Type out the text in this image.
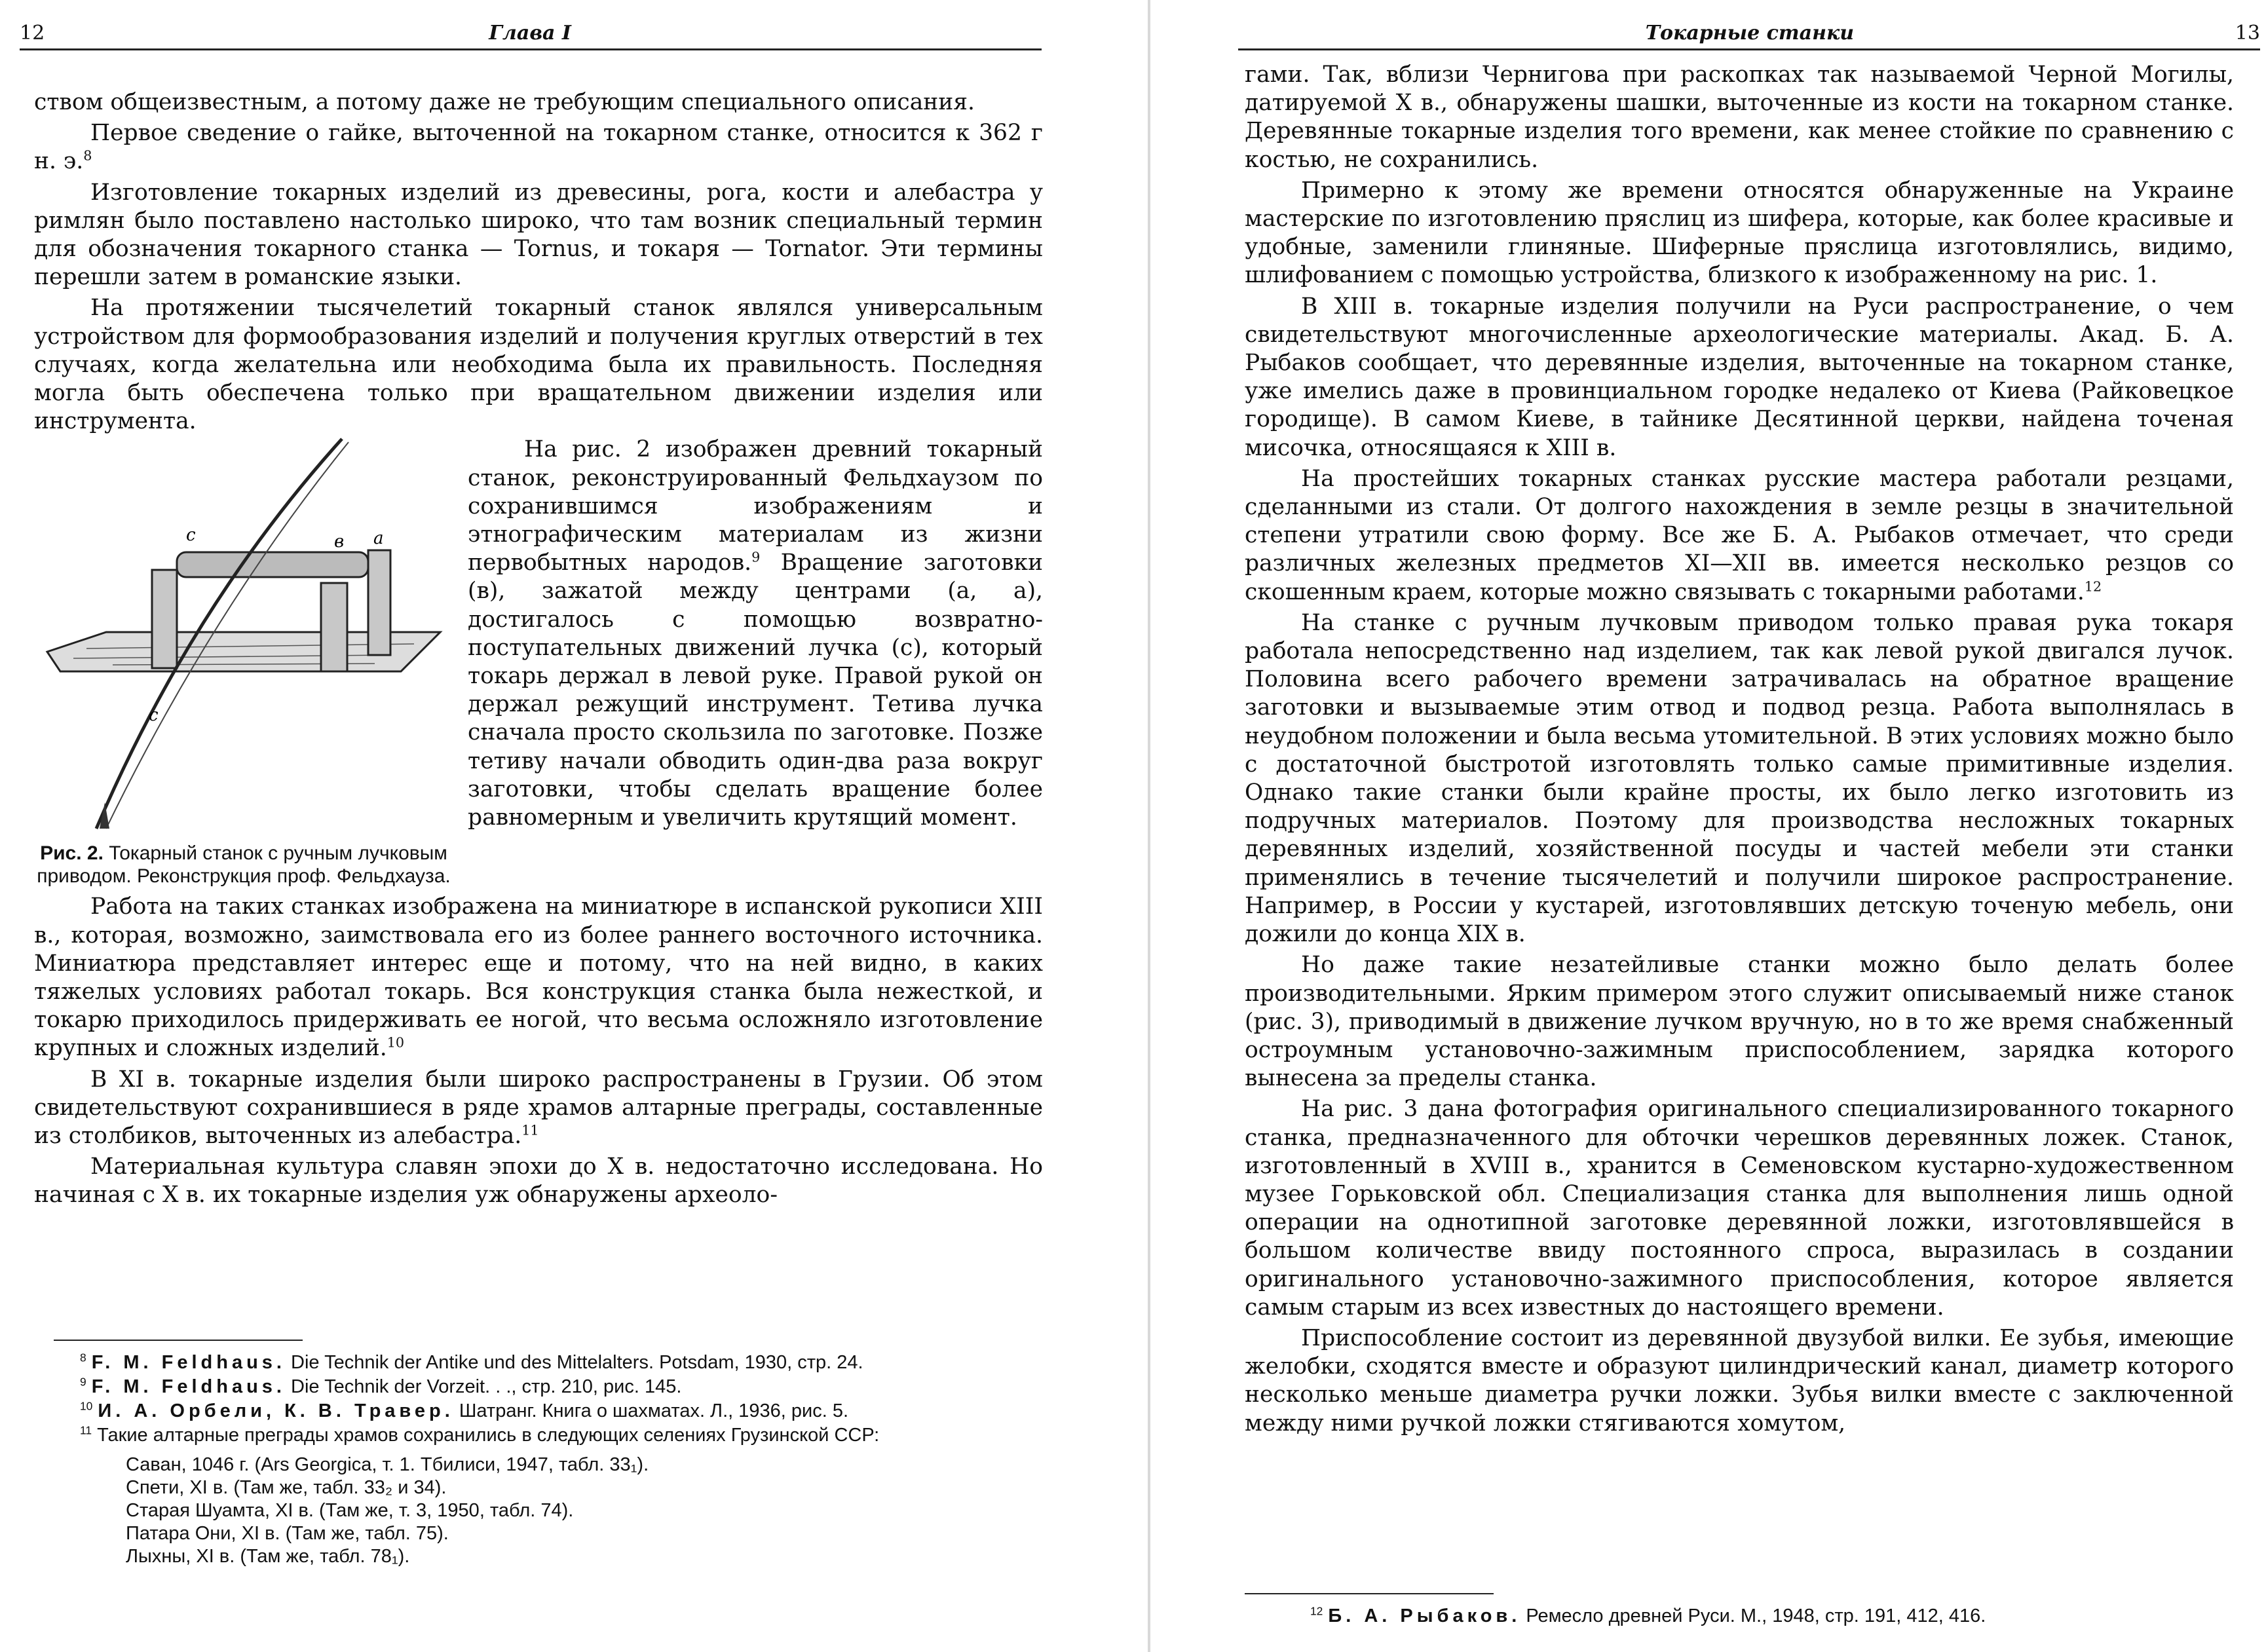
12	Глава I

ством общеизвестным, а потому даже не требующим специального описания.

Первое сведение о гайке, выточенной на токарном станке, относится к 362 г н. э.$^8$

Изготовление токарных изделий из древесины, рога, кости и алебастра у римлян было поставлено настолько широко, что там возник специальный термин для обозначения токарного станка — Tornus, и токаря — Tornator. Эти термины перешли затем в романские языки.

На протяжении тысячелетий токарный станок являлся универсальным устройством для формообразования изделий и получения круглых отверстий в тех случаях, когда желательна или необходима была их правильность. Последняя могла быть обеспечена только при вращательном движении изделия или инструмента.

с	в а
с
Рис. 2. Токарный станок с ручным лучковым приводом. Реконструкция проф. Фельдхауза.

На рис. 2 изображен древний токарный станок, реконструированный Фельдхаузом по сохранившимся изображениям и этнографическим материалам из жизни первобытных народов.$^9$ Вращение заготовки (в), зажатой между центрами (а, а), достигалось с помощью возвратно-поступательных движений лучка (с), который токарь держал в левой руке. Правой рукой он держал режущий инструмент. Тетива лучка сначала просто скользила по заготовке. Позже тетиву начали обводить один-два раза вокруг заготовки, чтобы сделать вращение более равномерным и увеличить крутящий момент.

Работа на таких станках изображена на миниатюре в испанской рукописи XIII в., которая, возможно, заимствовала его из более раннего восточного источника. Миниатюра представляет интерес еще и потому, что на ней видно, в каких тяжелых условиях работал токарь. Вся конструкция станка была нежесткой, и токарю приходилось придерживать ее ногой, что весьма осложняло изготовление крупных и сложных изделий.$^{10}$

В XI в. токарные изделия были широко распространены в Грузии. Об этом свидетельствуют сохранившиеся в ряде храмов алтарные преграды, составленные из столбиков, выточенных из алебастра.$^{11}$

Материальная культура славян эпохи до X в. недостаточно исследована. Но начиная с X в. их токарные изделия уж обнаружены археоло-

$^8$ F. M. Feldhaus. Die Technik der Antike und des Mittelalters. Potsdam, 1930, стр. 24.

$^9$ F. M. Feldhaus. Die Technik der Vorzeit. . ., стр. 210, рис. 145.

$^{10}$ И. А. Орбели, К. В. Травер. Шатранг. Книга о шахматах. Л., 1936, рис. 5.

$^{11}$ Такие алтарные преграды храмов сохранились в следующих селениях Грузинской ССР:

Саван, 1046 г. (Ars Georgica, т. 1. Тбилиси, 1947, табл. 33₁).
Спети, XI в. (Там же, табл. 33₂ и 34).
Старая Шуамта, XI в. (Там же, т. 3, 1950, табл. 74).
Патара Они, XI в. (Там же, табл. 75).
Лыхны, XI в. (Там же, табл. 78₁).
Токарные станки	13

гами. Так, вблизи Чернигова при раскопках так называемой Черной Могилы, датируемой X в., обнаружены шашки, выточенные из кости на токарном станке. Деревянные токарные изделия того времени, как менее стойкие по сравнению с костью, не сохранились.

Примерно к этому же времени относятся обнаруженные на Украине мастерские по изготовлению пряслиц из шифера, которые, как более красивые и удобные, заменили глиняные. Шиферные пряслица изготовлялись, видимо, шлифованием с помощью устройства, близкого к изображенному на рис. 1.

В XIII в. токарные изделия получили на Руси распространение, о чем свидетельствуют многочисленные археологические материалы. Акад. Б. А. Рыбаков сообщает, что деревянные изделия, выточенные на токарном станке, уже имелись даже в провинциальном городке недалеко от Киева (Райковецкое городище). В самом Киеве, в тайнике Десятинной церкви, найдена точеная мисочка, относящаяся к XIII в.

На простейших токарных станках русские мастера работали резцами, сделанными из стали. От долгого нахождения в земле резцы в значительной степени утратили свою форму. Все же Б. А. Рыбаков отмечает, что среди различных железных предметов XI—XII вв. имеется несколько резцов со скошенным краем, которые можно связывать с токарными работами.$^{12}$

На станке с ручным лучковым приводом только правая рука токаря работала непосредственно над изделием, так как левой рукой двигался лучок. Половина всего рабочего времени затрачивалась на обратное вращение заготовки и вызываемые этим отвод и подвод резца. Работа выполнялась в неудобном положении и была весьма утомительной. В этих условиях можно было с достаточной быстротой изготовлять только самые примитивные изделия. Однако такие станки были крайне просты, их было легко изготовить из подручных материалов. Поэтому для производства несложных токарных деревянных изделий, хозяйственной посуды и частей мебели эти станки применялись в течение тысячелетий и получили широкое распространение. Например, в России у кустарей, изготовлявших детскую точеную мебель, они дожили до конца XIX в.

Но даже такие незатейливые станки можно было делать более производительными. Ярким примером этого служит описываемый ниже станок (рис. 3), приводимый в движение лучком вручную, но в то же время снабженный остроумным установочно-зажимным приспособлением, зарядка которого вынесена за пределы станка.

На рис. 3 дана фотография оригинального специализированного токарного станка, предназначенного для обточки черешков деревянных ложек. Станок, изготовленный в XVIII в., хранится в Семеновском кустарно-художественном музее Горьковской обл. Специализация станка для выполнения лишь одной операции на однотипной заготовке деревянной ложки, изготовлявшейся в большом количестве ввиду постоянного спроса, выразилась в создании оригинального установочно-зажимного приспособления, которое является самым старым из всех известных до настоящего времени.

Приспособление состоит из деревянной двузубой вилки. Ее зубья, имеющие желобки, сходятся вместе и образуют цилиндрический канал, диаметр которого несколько меньше диаметра ручки ложки. Зубья вилки вместе с заключенной между ними ручкой ложки стягиваются хомутом,

$^{12}$ Б. А. Рыбаков. Ремесло древней Руси. М., 1948, стр. 191, 412, 416.
